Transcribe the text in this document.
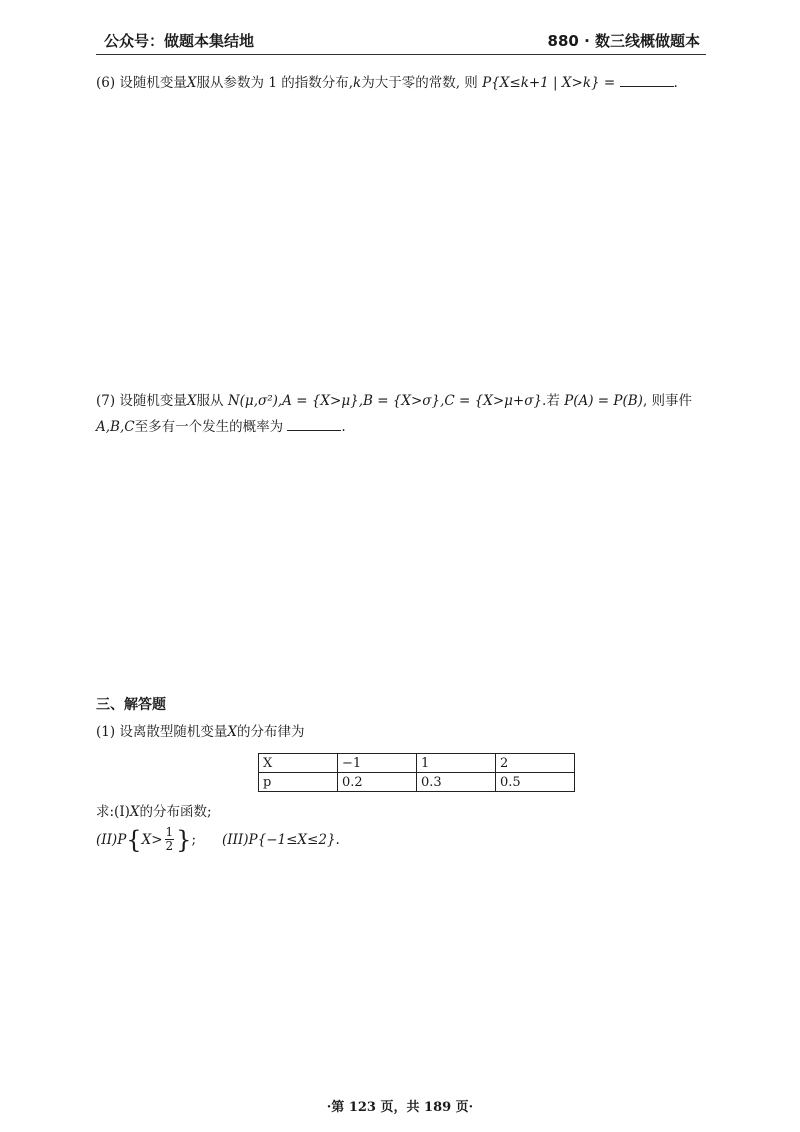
公众号：做题本集结地	880 · 数三线概做题本
(6) 设随机变量X服从参数为 1 的指数分布,k为大于零的常数, 则 P{X≤k+1 | X>k} =	.
(7) 设随机变量X服从 N(μ,σ²),A = {X>μ},B = {X>σ},C = {X>μ+σ}.若 P(A) = P(B), 则事件
A,B,C至多有一个发生的概率为	.
三、解答题
(1) 设离散型随机变量X的分布律为
X	−1	1	2
p	0.2	0.3	0.5
求:(I)X的分布函数;
(II) P { $X> \frac{1}{2}$ } ; (III) P{−1≤X≤2}.
·第 123 页，共 189 页·
